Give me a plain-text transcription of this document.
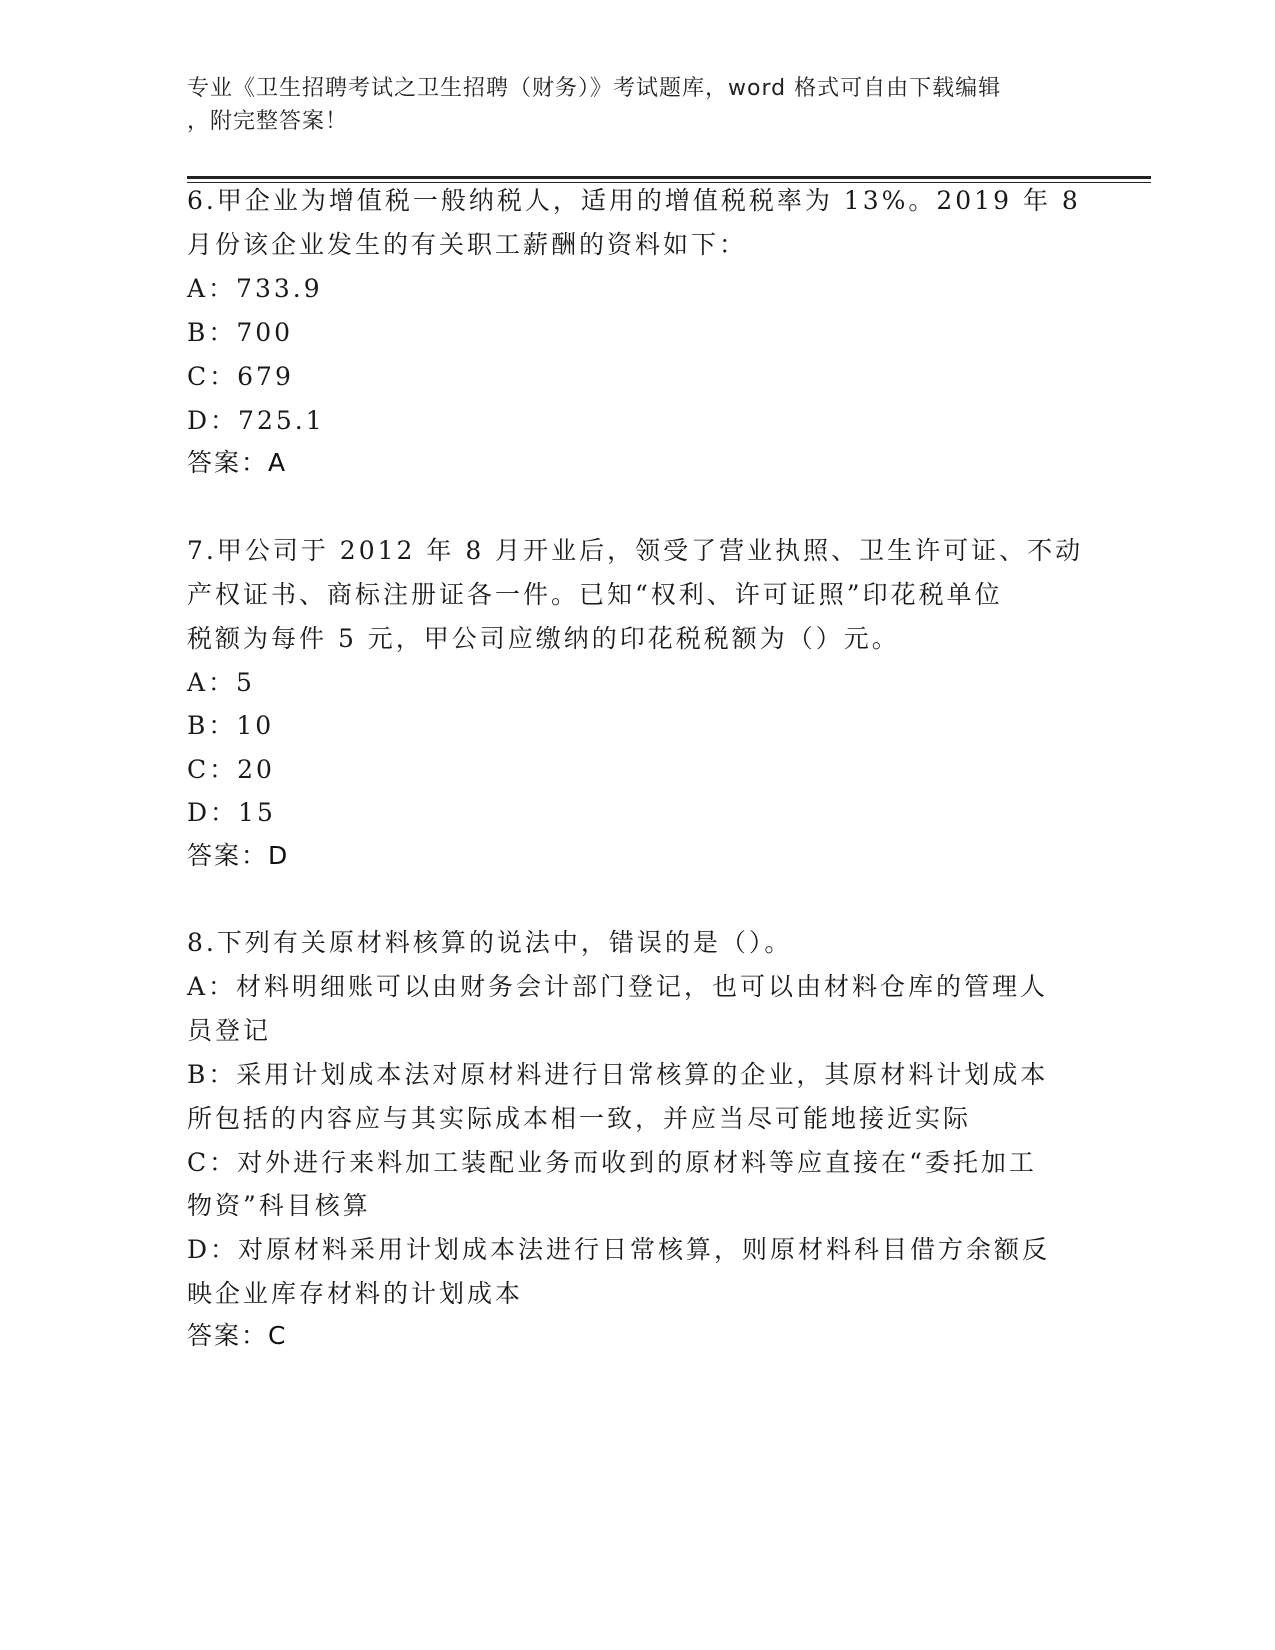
专业《卫生招聘考试之卫生招聘（财务）》考试题库，word 格式可自由下载编辑
，附完整答案！
6.甲企业为增值税一般纳税人，适用的增值税税率为 13%。2019 年 8
月份该企业发生的有关职工薪酬的资料如下：
A：733.9
B：700
C：679
D：725.1
答案：A
7.甲公司于 2012 年 8 月开业后，领受了营业执照、卫生许可证、不动
产权证书、商标注册证各一件。已知“权利、许可证照”印花税单位
税额为每件 5 元，甲公司应缴纳的印花税税额为（）元。
A：5
B：10
C：20
D：15
答案：D
8.下列有关原材料核算的说法中，错误的是（）。
A：材料明细账可以由财务会计部门登记，也可以由材料仓库的管理人
员登记
B：采用计划成本法对原材料进行日常核算的企业，其原材料计划成本
所包括的内容应与其实际成本相一致，并应当尽可能地接近实际
C：对外进行来料加工装配业务而收到的原材料等应直接在“委托加工
物资”科目核算
D：对原材料采用计划成本法进行日常核算，则原材料科目借方余额反
映企业库存材料的计划成本
答案：C
